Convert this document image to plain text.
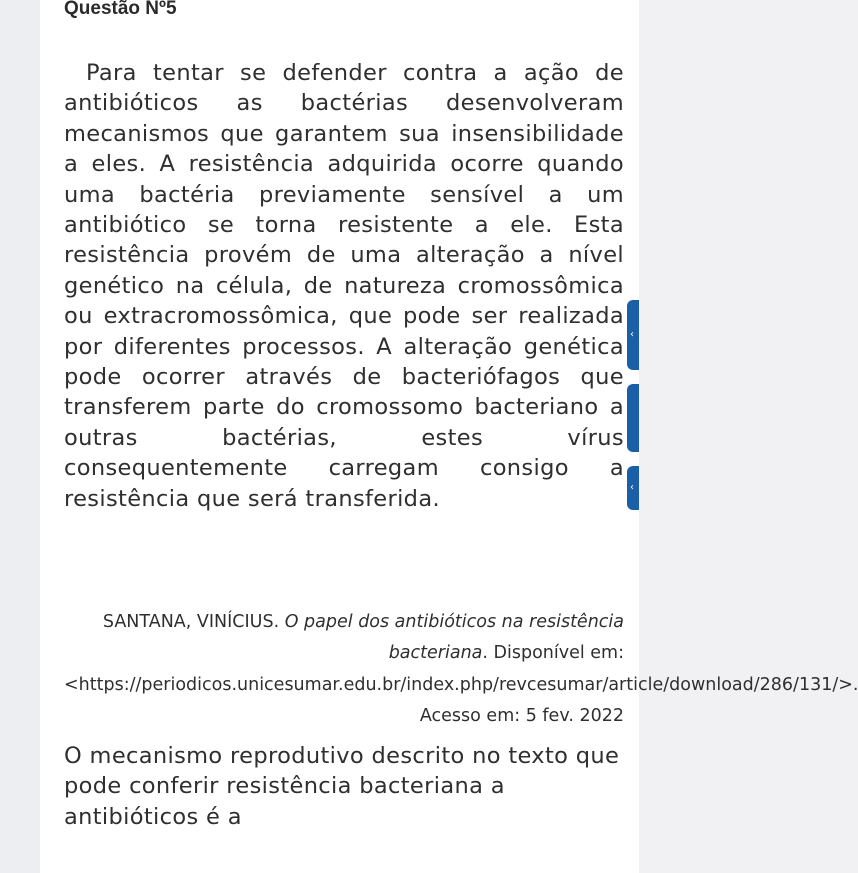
Questão Nº5

Para tentar se defender contra a ação de antibióticos as bactérias desenvolveram mecanismos que garantem sua insensibilidade a eles. A resistência adquirida ocorre quando uma bactéria previamente sensível a um antibiótico se torna resistente a ele. Esta resistência provém de uma alteração a nível genético na célula, de natureza cromossômica ou extracromossômica, que pode ser realizada por diferentes processos. A alteração genética pode ocorrer através de bacteriófagos que transferem parte do cromossomo bacteriano a outras bactérias, estes vírus consequentemente carregam consigo a resistência que será transferida.

SANTANA, VINÍCIUS. O papel dos antibióticos na resistência bacteriana. Disponível em: <https://periodicos.unicesumar.edu.br/index.php/revcesumar/article/download/286/131/>. Acesso em: 5 fev. 2022

O mecanismo reprodutivo descrito no texto que pode conferir resistência bacteriana a antibióticos é a

‹
‹
